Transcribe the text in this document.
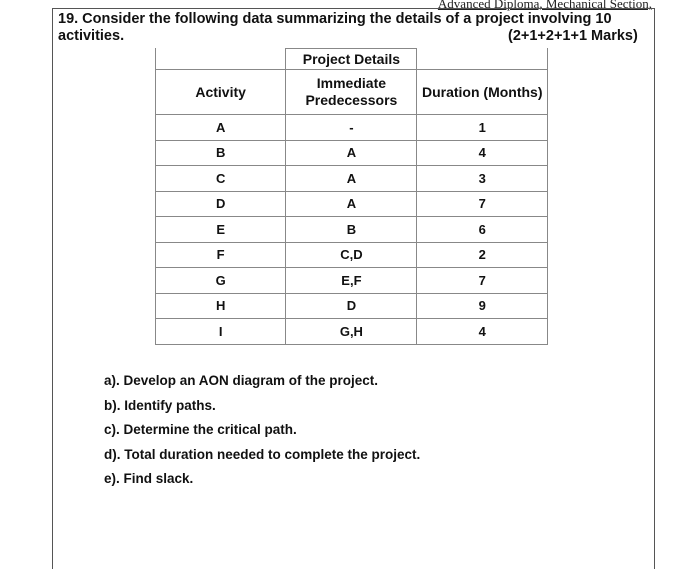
Advanced Diploma, Mechanical Section,
19. Consider the following data summarizing the details of a project involving 10 activities.	(2+1+2+1+1 Marks)
	Project Details	
Activity	Immediate Predecessors	Duration (Months)
A	-	1
B	A	4
C	A	3
D	A	7
E	B	6
F	C,D	2
G	E,F	7
H	D	9
I	G,H	4
a). Develop an AON diagram of the project.
b). Identify paths.
c). Determine the critical path.
d). Total duration needed to complete the project.
e). Find slack.
